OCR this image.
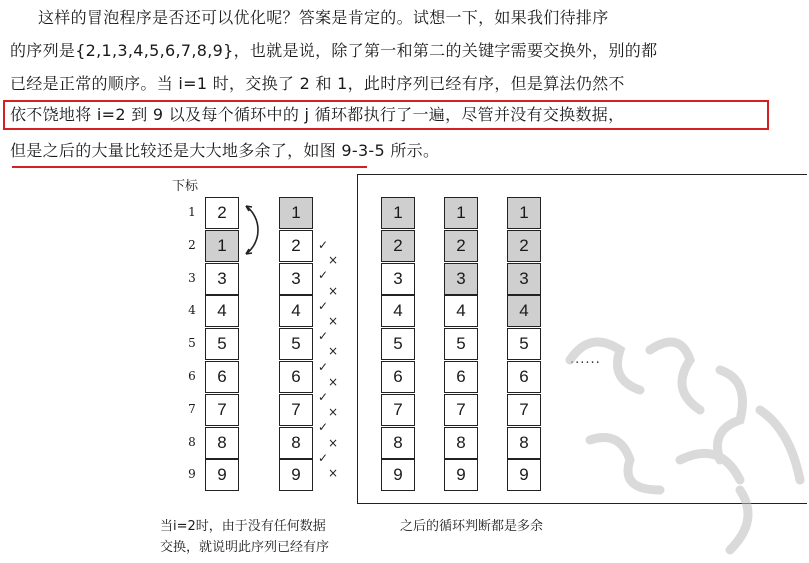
这样的冒泡程序是否还可以优化呢？答案是肯定的。试想一下，如果我们待排序
的序列是{2,1,3,4,5,6,7,8,9}，也就是说，除了第一和第二的关键字需要交换外，别的都
已经是正常的顺序。当 i=1 时，交换了 2 和 1，此时序列已经有序，但是算法仍然不
依不饶地将 i=2 到 9 以及每个循环中的 j 循环都执行了一遍，尽管并没有交换数据，
但是之后的大量比较还是大大地多余了，如图 9-3-5 所示。
下标
1
2
3
4
5
6
7
8
9
2
1
3
4
5
6
7
8
9
1
2
3
4
5
6
7
8
9
1
2
3
4
5
6
7
8
9
1
2
3
4
5
6
7
8
9
1
2
3
4
5
6
7
8
9
✓
×
✓
×
✓
×
✓
×
✓
×
✓
×
✓
×
✓
×
......
当i=2时，由于没有任何数据
交换，就说明此序列已经有序
之后的循环判断都是多余
